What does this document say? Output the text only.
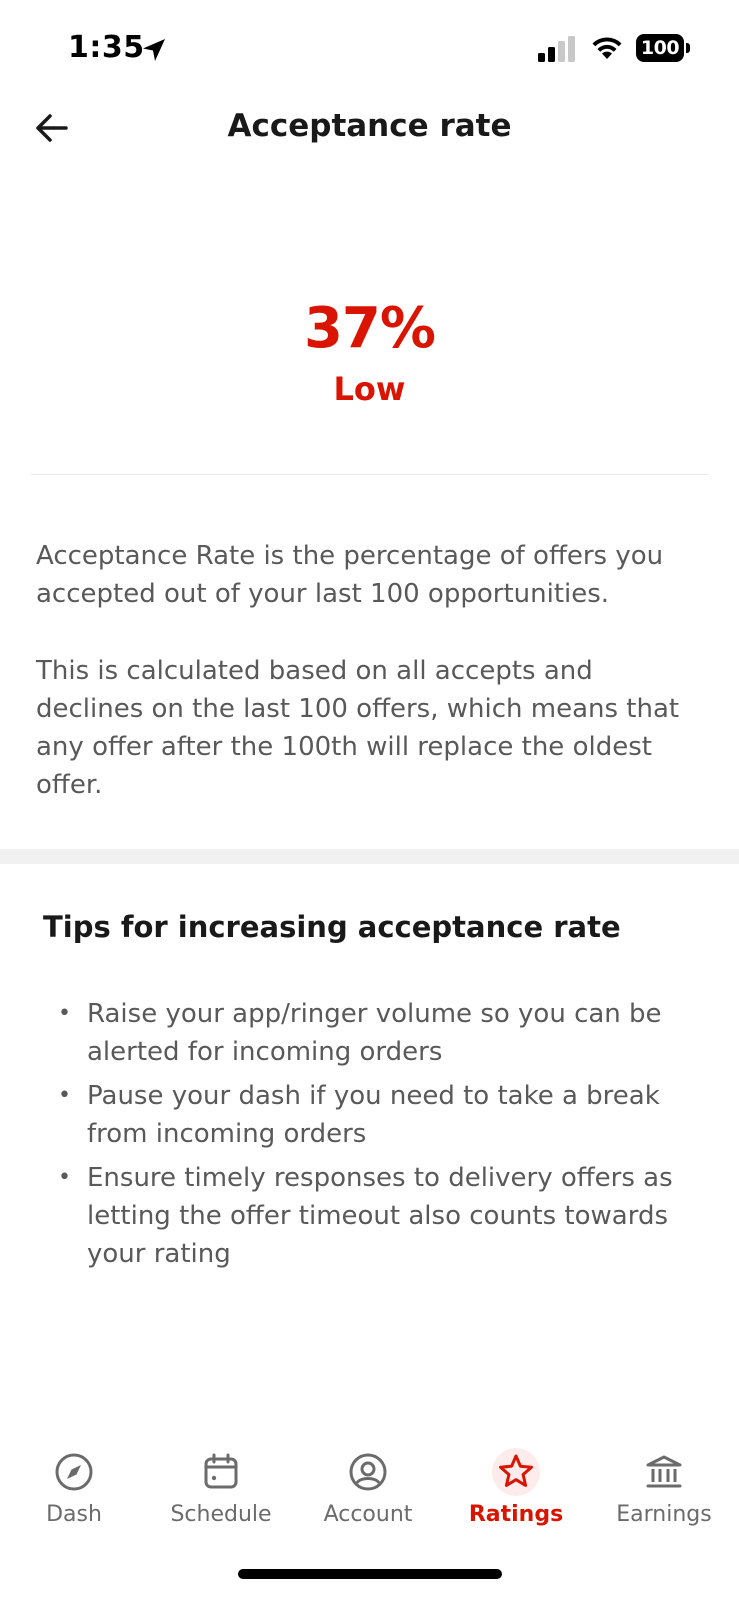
1:35	100
Acceptance rate
37%
Low
Acceptance Rate is the percentage of offers you accepted out of your last 100 opportunities.
This is calculated based on all accepts and declines on the last 100 offers, which means that any offer after the 100th will replace the oldest offer.
Tips for increasing acceptance rate
• Raise your app/ringer volume so you can be alerted for incoming orders
• Pause your dash if you need to take a break from incoming orders
• Ensure timely responses to delivery offers as letting the offer timeout also counts towards your rating
Dash	Schedule	Account	Ratings	Earnings
